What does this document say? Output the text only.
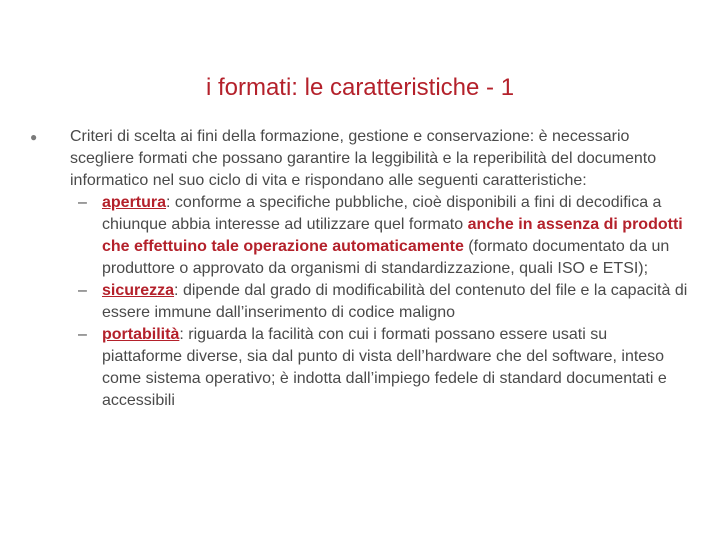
i formati: le caratteristiche - 1
●	Criteri di scelta ai fini della formazione, gestione e conservazione: è necessario scegliere formati che possano garantire la leggibilità e la reperibilità del documento informatico nel suo ciclo di vita e rispondano alle seguenti caratteristiche:
– apertura: conforme a specifiche pubbliche, cioè disponibili a fini di decodifica a chiunque abbia interesse ad utilizzare quel formato anche in assenza di prodotti che effettuino tale operazione automaticamente (formato documentato da un produttore o approvato da organismi di standardizzazione, quali ISO e ETSI);
– sicurezza: dipende dal grado di modificabilità del contenuto del file e la capacità di essere immune dall’inserimento di codice maligno
– portabilità: riguarda la facilità con cui i formati possano essere usati su piattaforme diverse, sia dal punto di vista dell’hardware che del software, inteso come sistema operativo; è indotta dall’impiego fedele di standard documentati e accessibili
